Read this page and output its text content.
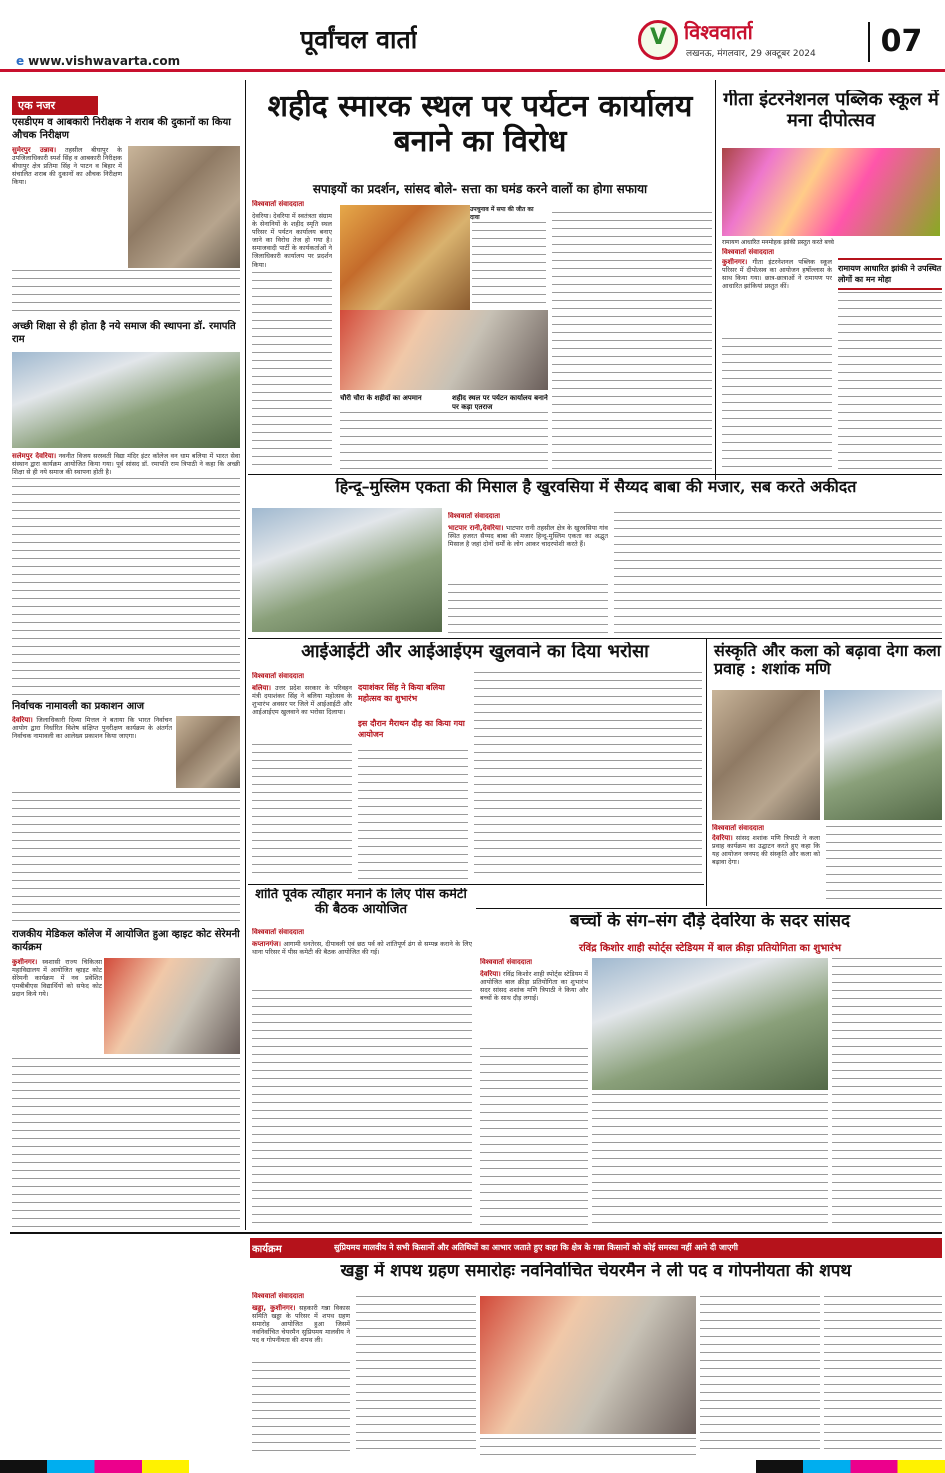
e www.vishwavarta.com
पूर्वांचल वार्ता	V विश्ववार्ता
लखनऊ, मंगलवार, 29 अक्टूबर 2024	07
एक नजर
एसडीएम व आबकारी निरीक्षक ने शराब की दुकानों का किया औचक निरीक्षण
सुमेरपुर उन्नाव। तहसील बीघापुर के उपजिलाधिकारी स्पर्श सिंह व आबकारी निरीक्षक बीघापुर क्षेत्र प्रतिमा सिंह ने पाटन व बिहार में संचालित शराब की दुकानों का औचक निरीक्षण किया।
अच्छी शिक्षा से ही होता है नये समाज की स्थापना डॉ. रमापति राम
सलेमपुर देवरिया। नवनीत विजय सरस्वती विद्या मंदिर इंटर कॉलेज वन धाम बलिया में भारत सेवा संस्थान द्वारा कार्यक्रम आयोजित किया गया। पूर्व सांसद डॉ. रमापति राम त्रिपाठी ने कहा कि अच्छी शिक्षा से ही नये समाज की स्थापना होती है।
निर्वाचक नामावली का प्रकाशन आज
देवरिया। जिलाधिकारी दिव्या मित्तल ने बताया कि भारत निर्वाचन आयोग द्वारा निर्धारित विशेष संक्षिप्त पुनरीक्षण कार्यक्रम के अंतर्गत निर्वाचक नामावली का आलेख्य प्रकाशन किया जाएगा।
राजकीय मेडिकल कॉलेज में आयोजित हुआ व्हाइट कोट सेरेमनी कार्यक्रम
कुशीनगर। स्वशासी राज्य चिकित्सा महाविद्यालय में आयोजित व्हाइट कोट सेरेमनी कार्यक्रम में नव प्रवेशित एमबीबीएस विद्यार्थियों को सफेद कोट प्रदान किये गये।
शहीद स्मारक स्थल पर पर्यटन कार्यालय बनाने का विरोध
सपाइयों का प्रदर्शन, सांसद बोले- सत्ता का घमंड करने वालों का होगा सफाया
विश्ववार्ता संवाददाता
देवरिया। देवरिया में स्वतंत्रता संग्राम के सेनानियों के शहीद स्मृति स्थल परिसर में पर्यटन कार्यालय बनाए जाने का विरोध तेज हो गया है। समाजवादी पार्टी के कार्यकर्ताओं ने जिलाधिकारी कार्यालय पर प्रदर्शन किया।
उपचुनाव में सपा की जीत का दावा
चौरी चौरा के शहीदों का अपमान	शहीद स्थल पर पर्यटन कार्यालय बनाने पर कड़ा एतराज
गीता इंटरनेशनल पब्लिक स्कूल में मना दीपोत्सव
रामायण आधारित मनमोहक झांकी प्रस्तुत करते बच्चे
विश्ववार्ता संवाददाता
कुशीनगर। गीता इंटरनेशनल पब्लिक स्कूल परिसर में दीपोत्सव का आयोजन हर्षोल्लास के साथ किया गया। छात्र-छात्राओं ने रामायण पर आधारित झांकियां प्रस्तुत कीं।
रामायण आधारित झांकी ने उपस्थित लोगों का मन मोहा
हिन्दू–मुस्लिम एकता की मिसाल है खुरवसिया में सैय्यद बाबा की मजार, सब करते अकीदत
विश्ववार्ता संवाददाता
भाटपार रानी,देवरिया। भाटपार रानी तहसील क्षेत्र के खुरवसिया गांव स्थित हजरत सैय्यद बाबा की मजार हिन्दू-मुस्लिम एकता का अद्भुत मिसाल है जहां दोनों धर्मों के लोग आकर चादरपोशी करते हैं।
आईआईटी और आईआईएम खुलवाने का दिया भरोसा
विश्ववार्ता संवाददाता
बलिया। उत्तर प्रदेश सरकार के परिवहन मंत्री दयाशंकर सिंह ने बलिया महोत्सव के शुभारंभ अवसर पर जिले में आईआईटी और आईआईएम खुलवाने का भरोसा दिलाया।
दयाशंकर सिंह ने किया बलिया महोत्सव का शुभारंभ
इस दौरान मैराथन दौड़ का किया गया आयोजन
संस्कृति और कला को बढ़ावा देगा कला प्रवाह : शशांक मणि
विश्ववार्ता संवाददाता
देवरिया। सांसद शशांक मणि त्रिपाठी ने कला प्रवाह कार्यक्रम का उद्घाटन करते हुए कहा कि यह आयोजन जनपद की संस्कृति और कला को बढ़ावा देगा।
शांति पूर्वक त्यौहार मनाने के लिए पीस कमेटी की बैठक आयोजित
विश्ववार्ता संवाददाता
कप्तानगंज। आगामी धनतेरस, दीपावली एवं छठ पर्व को शांतिपूर्ण ढंग से सम्पन्न कराने के लिए थाना परिसर में पीस कमेटी की बैठक आयोजित की गई।
बच्चों के संग–संग दौड़े देवरिया के सदर सांसद
रविंद्र किशोर शाही स्पोर्ट्स स्टेडियम में बाल क्रीड़ा प्रतियोगिता का शुभारंभ
विश्ववार्ता संवाददाता
देवरिया। रविंद्र किशोर शाही स्पोर्ट्स स्टेडियम में आयोजित बाल क्रीड़ा प्रतियोगिता का शुभारंभ सदर सांसद शशांक मणि त्रिपाठी ने किया और बच्चों के साथ दौड़ लगाई।
कार्यक्रम	सुप्रियमय मालवीय ने सभी किसानों और अतिथियों का आभार जताते हुए कहा कि क्षेत्र के गन्ना किसानों को कोई समस्या नहीं आने दी जाएगी
खड्डा में शपथ ग्रहण समारोहः नवनिर्वाचित चेयरमैन ने ली पद व गोपनीयता की शपथ
विश्ववार्ता संवाददाता
खड्डा, कुशीनगर। सहकारी गन्ना विकास समिति खड्डा के परिसर में शपथ ग्रहण समारोह आयोजित हुआ जिसमें नवनिर्वाचित चेयरमैन सुप्रियमय मालवीय ने पद व गोपनीयता की शपथ ली।
